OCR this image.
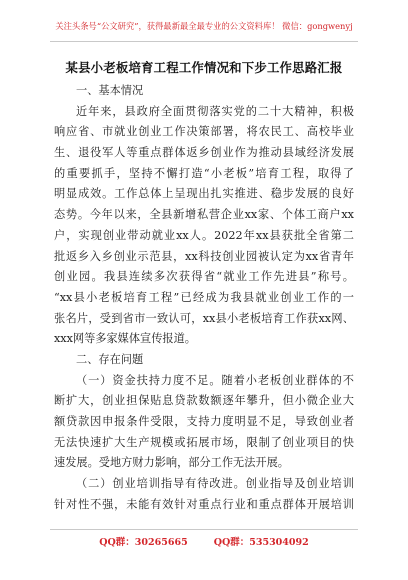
关注头条号“公文研究”，获得最新最全最专业的公文资料库！ 微信：gongwenyj
某县小老板培育工程工作情况和下步工作思路汇报
一、基本情况
近年来，县政府全面贯彻落实党的二十大精神，积极
响应省、市就业创业工作决策部署，将农民工、高校毕业
生、退役军人等重点群体返乡创业作为推动县域经济发展
的重要抓手，坚持不懈打造“小老板”培育工程，取得了
明显成效。工作总体上呈现出扎实推进、稳步发展的良好
态势。今年以来，全县新增私营企业xx家、个体工商户xx
户，实现创业带动就业xx人。2022年xx县获批全省第二
批返乡入乡创业示范县，xx科技创业园被认定为xx省青年
创业园。我县连续多次获得省“就业工作先进县”称号。
“xx县小老板培育工程”已经成为我县就业创业工作的一
张名片，受到省市一致认可，xx县小老板培育工作获xx网、
xxx网等多家媒体宣传报道。
二、存在问题
（一）资金扶持力度不足。随着小老板创业群体的不
断扩大，创业担保贴息贷款数额逐年攀升，但小微企业大
额贷款因申报条件受限，支持力度明显不足，导致创业者
无法快速扩大生产规模或拓展市场，限制了创业项目的快
速发展。受地方财力影响，部分工作无法开展。
（二）创业培训指导有待改进。创业指导及创业培训
针对性不强，未能有效针对重点行业和重点群体开展培训
QQ群：30265665	QQ群：535304092
